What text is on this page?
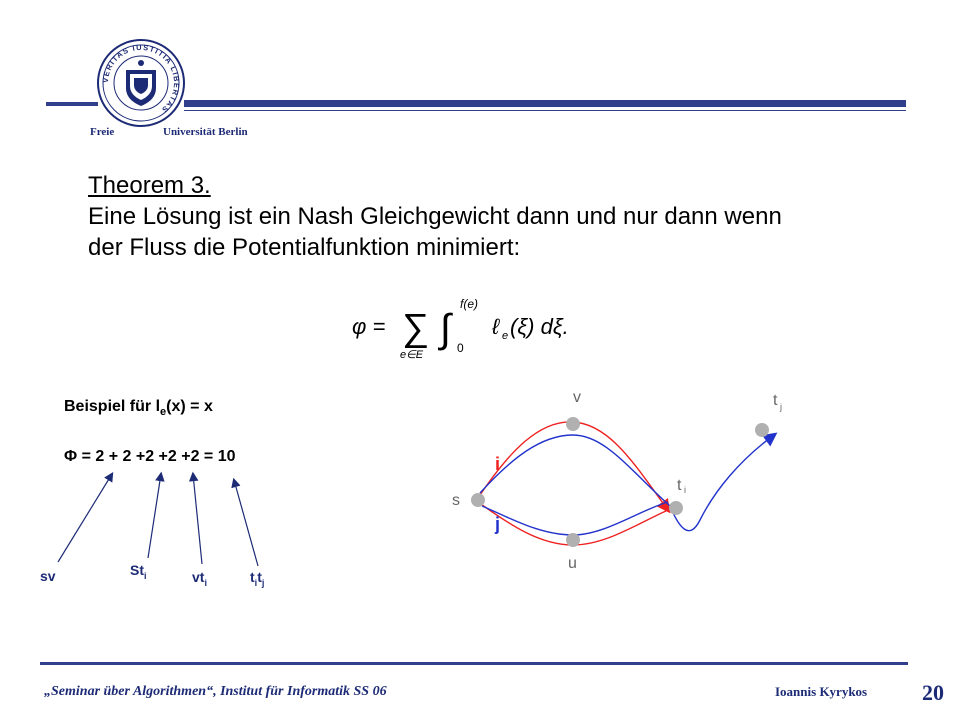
VERITAS IUSTITIA LIBERTAS
Freie	Universität Berlin
Theorem 3.
Eine Lösung ist ein Nash Gleichgewicht dann und nur dann wenn
der Fluss die Potentialfunktion minimiert:
φ = ∑
e∈E
∫
f(e)
0
ℓ e (ξ) dξ.
Beispiel für $l_e(x) = x$
Φ = 2 + 2 +2 +2 +2 = 10
sv	$St_i$	$vt_i$	$t_it_j$
s
v
u
t i
t j
i
j
„Seminar über Algorithmen“, Institut für Informatik SS 06	Ioannis Kyrykos 20
